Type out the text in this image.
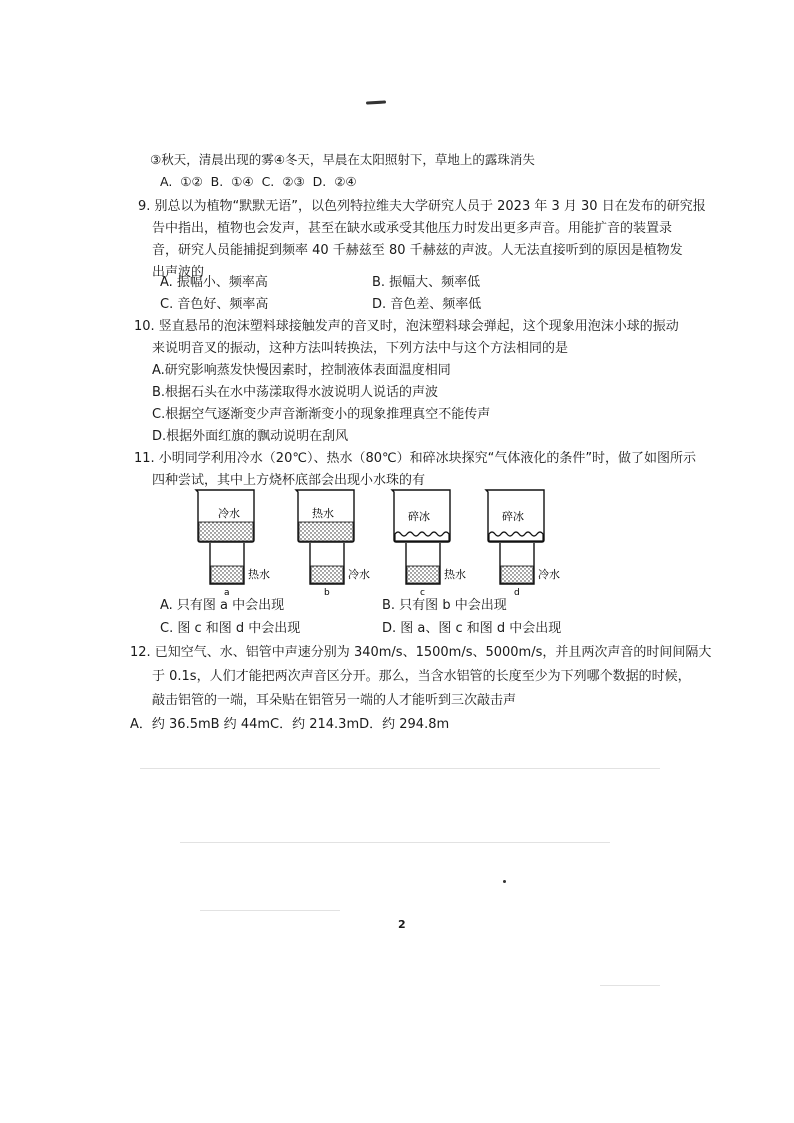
③秋天，清晨出现的雾④冬天，早晨在太阳照射下，草地上的露珠消失
A. ①② B. ①④ C. ②③ D. ②④
9. 别总以为植物“默默无语”，以色列特拉维夫大学研究人员于 2023 年 3 月 30 日在发布的研究报
告中指出，植物也会发声，甚至在缺水或承受其他压力时发出更多声音。用能扩音的装置录
音，研究人员能捕捉到频率 40 千赫兹至 80 千赫兹的声波。人无法直接听到的原因是植物发
出声波的
A. 振幅小、频率高	B. 振幅大、频率低
C. 音色好、频率高	D. 音色差、频率低
10. 竖直悬吊的泡沫塑料球接触发声的音叉时，泡沫塑料球会弹起，这个现象用泡沫小球的振动
来说明音叉的振动，这种方法叫转换法，下列方法中与这个方法相同的是
A.研究影响蒸发快慢因素时，控制液体表面温度相同
B.根据石头在水中荡漾取得水波说明人说话的声波
C.根据空气逐渐变少声音渐渐变小的现象推理真空不能传声
D.根据外面红旗的飘动说明在刮风
11. 小明同学利用冷水（20℃）、热水（80℃）和碎冰块探究“气体液化的条件”时，做了如图所示
四种尝试，其中上方烧杯底部会出现小水珠的有
冷水
热水
a
热水
冷水
b
碎冰
热水
c
碎冰
冷水
d
A. 只有图 a 中会出现	B. 只有图 b 中会出现
C. 图 c 和图 d 中会出现	D. 图 a、图 c 和图 d 中会出现
12. 已知空气、水、铝管中声速分别为 340m/s、1500m/s、5000m/s，并且两次声音的时间间隔大
于 0.1s，人们才能把两次声音区分开。那么，当含水铝管的长度至少为下列哪个数据的时候，
敲击铝管的一端，耳朵贴在铝管另一端的人才能听到三次敲击声
A．约 36.5mB 约 44mC．约 214.3mD．约 294.8m
2
